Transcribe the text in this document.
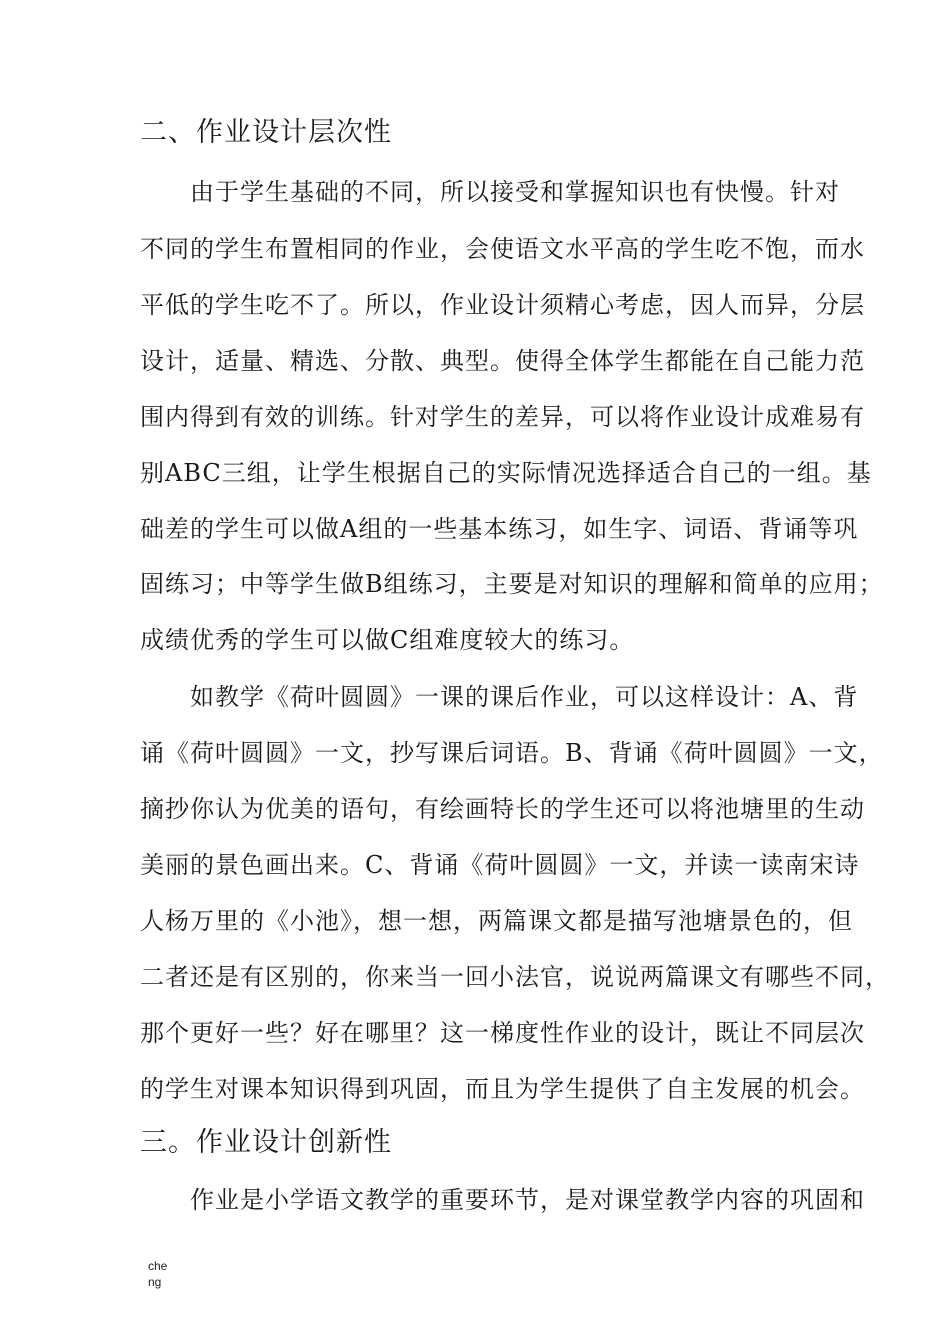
二、作业设计层次性
　　由于学生基础的不同，所以接受和掌握知识也有快慢。针对
不同的学生布置相同的作业，会使语文水平高的学生吃不饱，而水
平低的学生吃不了。所以，作业设计须精心考虑，因人而异，分层
设计，适量、精选、分散、典型。使得全体学生都能在自己能力范
围内得到有效的训练。针对学生的差异，可以将作业设计成难易有
别ABC三组，让学生根据自己的实际情况选择适合自己的一组。基
础差的学生可以做A组的一些基本练习，如生字、词语、背诵等巩
固练习；中等学生做B组练习，主要是对知识的理解和简单的应用；
成绩优秀的学生可以做C组难度较大的练习。
　　如教学《荷叶圆圆》一课的课后作业，可以这样设计：A、背
诵《荷叶圆圆》一文，抄写课后词语。B、背诵《荷叶圆圆》一文，
摘抄你认为优美的语句，有绘画特长的学生还可以将池塘里的生动
美丽的景色画出来。C、背诵《荷叶圆圆》一文，并读一读南宋诗
人杨万里的《小池》，想一想，两篇课文都是描写池塘景色的，但
二者还是有区别的，你来当一回小法官，说说两篇课文有哪些不同，
那个更好一些？好在哪里？这一梯度性作业的设计，既让不同层次
的学生对课本知识得到巩固，而且为学生提供了自主发展的机会。
三。作业设计创新性
　　作业是小学语文教学的重要环节，是对课堂教学内容的巩固和
che
ng
